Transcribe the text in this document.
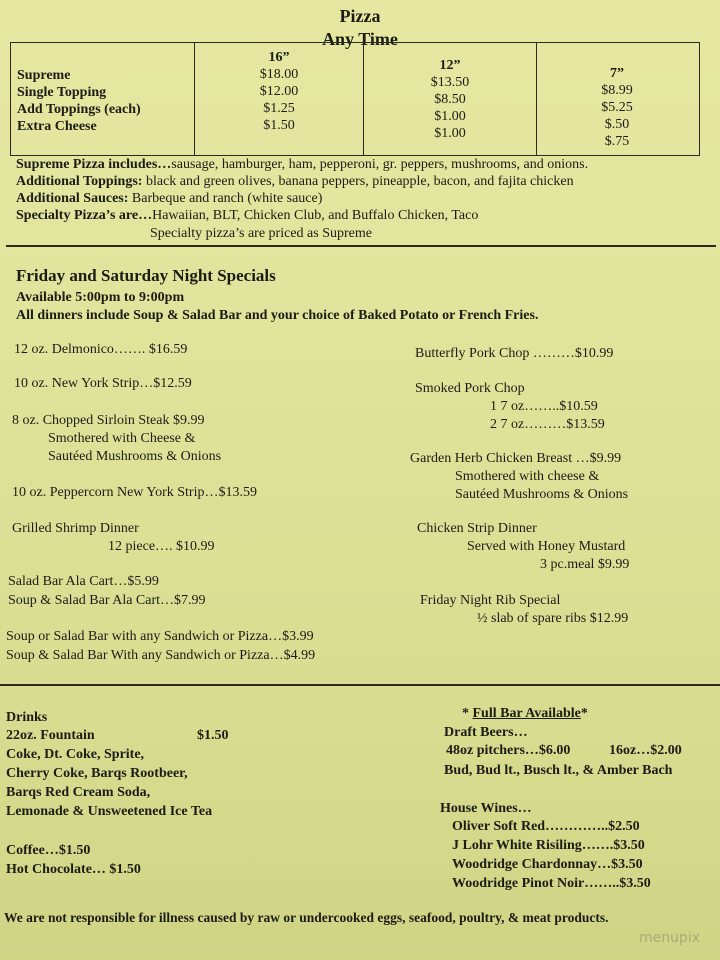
Pizza
Any Time
Supreme
Single Topping
Add Toppings (each)
Extra Cheese
16”
$18.00
$12.00
$1.25
$1.50
12”
$13.50
$8.50
$1.00
$1.00
7”
$8.99
$5.25
$.50
$.75
Supreme Pizza includes…sausage, hamburger, ham, pepperoni, gr. peppers, mushrooms, and onions.
Additional Toppings: black and green olives, banana peppers, pineapple, bacon, and fajita chicken
Additional Sauces: Barbeque and ranch (white sauce)
Specialty Pizza’s are…Hawaiian, BLT, Chicken Club, and Buffalo Chicken, Taco
Specialty pizza’s are priced as Supreme
Friday and Saturday Night Specials
Available 5:00pm to 9:00pm
All dinners include Soup & Salad Bar and your choice of Baked Potato or French Fries.
12 oz. Delmonico……. $16.59
10 oz. New York Strip…$12.59
8 oz. Chopped Sirloin Steak $9.99
Smothered with Cheese &
Sautéed Mushrooms & Onions
10 oz. Peppercorn New York Strip…$13.59
Grilled Shrimp Dinner
12 piece…. $10.99
Salad Bar Ala Cart…$5.99
Soup & Salad Bar Ala Cart…$7.99
Soup or Salad Bar with any Sandwich or Pizza…$3.99
Soup & Salad Bar With any Sandwich or Pizza…$4.99
Butterfly Pork Chop ………$10.99
Smoked Pork Chop
1 7 oz……..$10.59
2 7 oz………$13.59
Garden Herb Chicken Breast …$9.99
Smothered with cheese &
Sautéed Mushrooms & Onions
Chicken Strip Dinner
Served with Honey Mustard
3 pc.meal $9.99
Friday Night Rib Special
½ slab of spare ribs $12.99
Drinks
22oz. Fountain	$1.50
Coke, Dt. Coke, Sprite,
Cherry Coke, Barqs Rootbeer,
Barqs Red Cream Soda,
Lemonade & Unsweetened Ice Tea
Coffee…$1.50
Hot Chocolate… $1.50
* Full Bar Available*
Draft Beers…
48oz pitchers…$6.00	16oz…$2.00
Bud, Bud lt., Busch lt., & Amber Bach
House Wines…
Oliver Soft Red…………..$2.50
J Lohr White Risiling…….$3.50
Woodridge Chardonnay…$3.50
Woodridge Pinot Noir……..$3.50
We are not responsible for illness caused by raw or undercooked eggs, seafood, poultry, & meat products.
menupix
